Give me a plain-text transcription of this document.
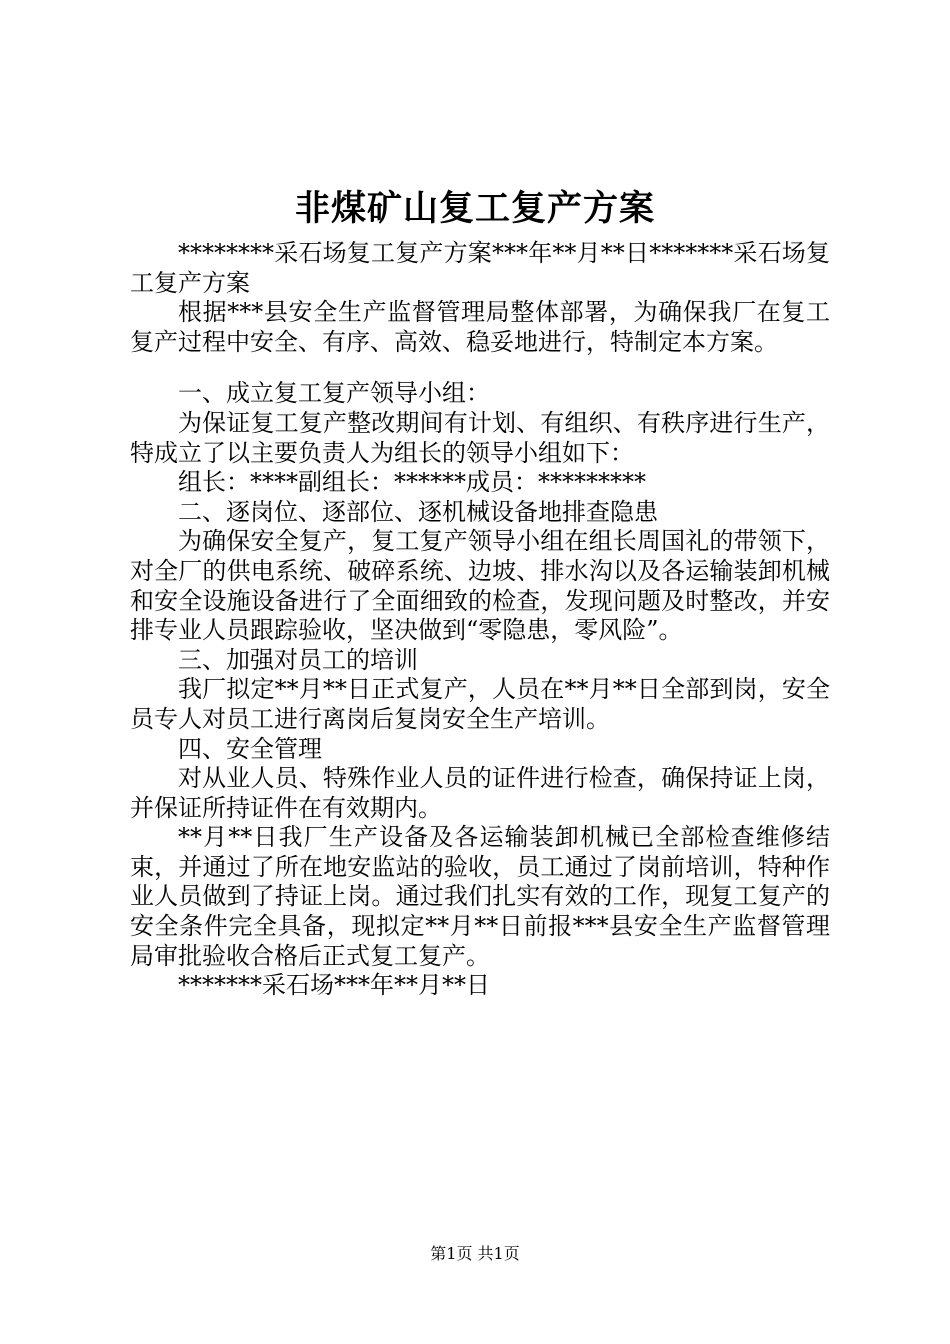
非煤矿山复工复产方案

********采石场复工复产方案***年**月**日*******采石场复工复产方案

根据***县安全生产监督管理局整体部署，为确保我厂在复工复产过程中安全、有序、高效、稳妥地进行，特制定本方案。

一、成立复工复产领导小组：

为保证复工复产整改期间有计划、有组织、有秩序进行生产，特成立了以主要负责人为组长的领导小组如下：

组长：****副组长：******成员：*********

二、逐岗位、逐部位、逐机械设备地排查隐患

为确保安全复产，复工复产领导小组在组长周国礼的带领下，对全厂的供电系统、破碎系统、边坡、排水沟以及各运输装卸机械和安全设施设备进行了全面细致的检查，发现问题及时整改，并安排专业人员跟踪验收，坚决做到“零隐患，零风险”。

三、加强对员工的培训

我厂拟定**月**日正式复产，人员在**月**日全部到岗，安全员专人对员工进行离岗后复岗安全生产培训。

四、安全管理

对从业人员、特殊作业人员的证件进行检查，确保持证上岗，并保证所持证件在有效期内。

**月**日我厂生产设备及各运输装卸机械已全部检查维修结束，并通过了所在地安监站的验收，员工通过了岗前培训，特种作业人员做到了持证上岗。通过我们扎实有效的工作，现复工复产的安全条件完全具备，现拟定**月**日前报***县安全生产监督管理局审批验收合格后正式复工复产。

*******采石场***年**月**日

第1页 共1页
